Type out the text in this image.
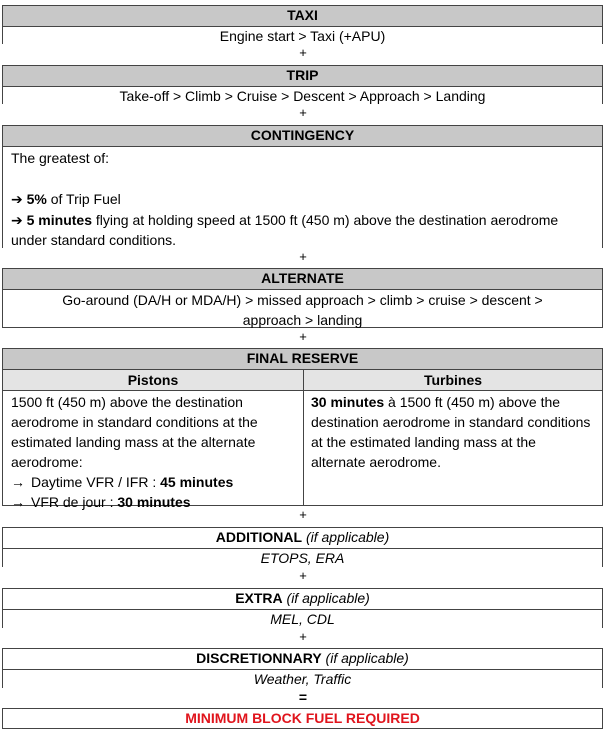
TAXI
Engine start > Taxi (+APU)
+
TRIP
Take-off > Climb > Cruise > Descent > Approach > Landing
+
CONTINGENCY
The greatest of:
➔ 5% of Trip Fuel
➔ 5 minutes flying at holding speed at 1500 ft (450 m) above the destination aerodrome under standard conditions.
+
ALTERNATE
Go-around (DA/H or MDA/H) > missed approach > climb > cruise > descent > approach > landing
+
FINAL RESERVE
Pistons	Turbines
1500 ft (450 m) above the destination aerodrome in standard conditions at the estimated landing mass at the alternate aerodrome:
→ Daytime VFR / IFR : 45 minutes
→ VFR de jour : 30 minutes
30 minutes à 1500 ft (450 m) above the destination aerodrome in standard conditions at the estimated landing mass at the alternate aerodrome.
+
ADDITIONAL (if applicable)
ETOPS, ERA
+
EXTRA (if applicable)
MEL, CDL
+
DISCRETIONNARY (if applicable)
Weather, Traffic
=
MINIMUM BLOCK FUEL REQUIRED
